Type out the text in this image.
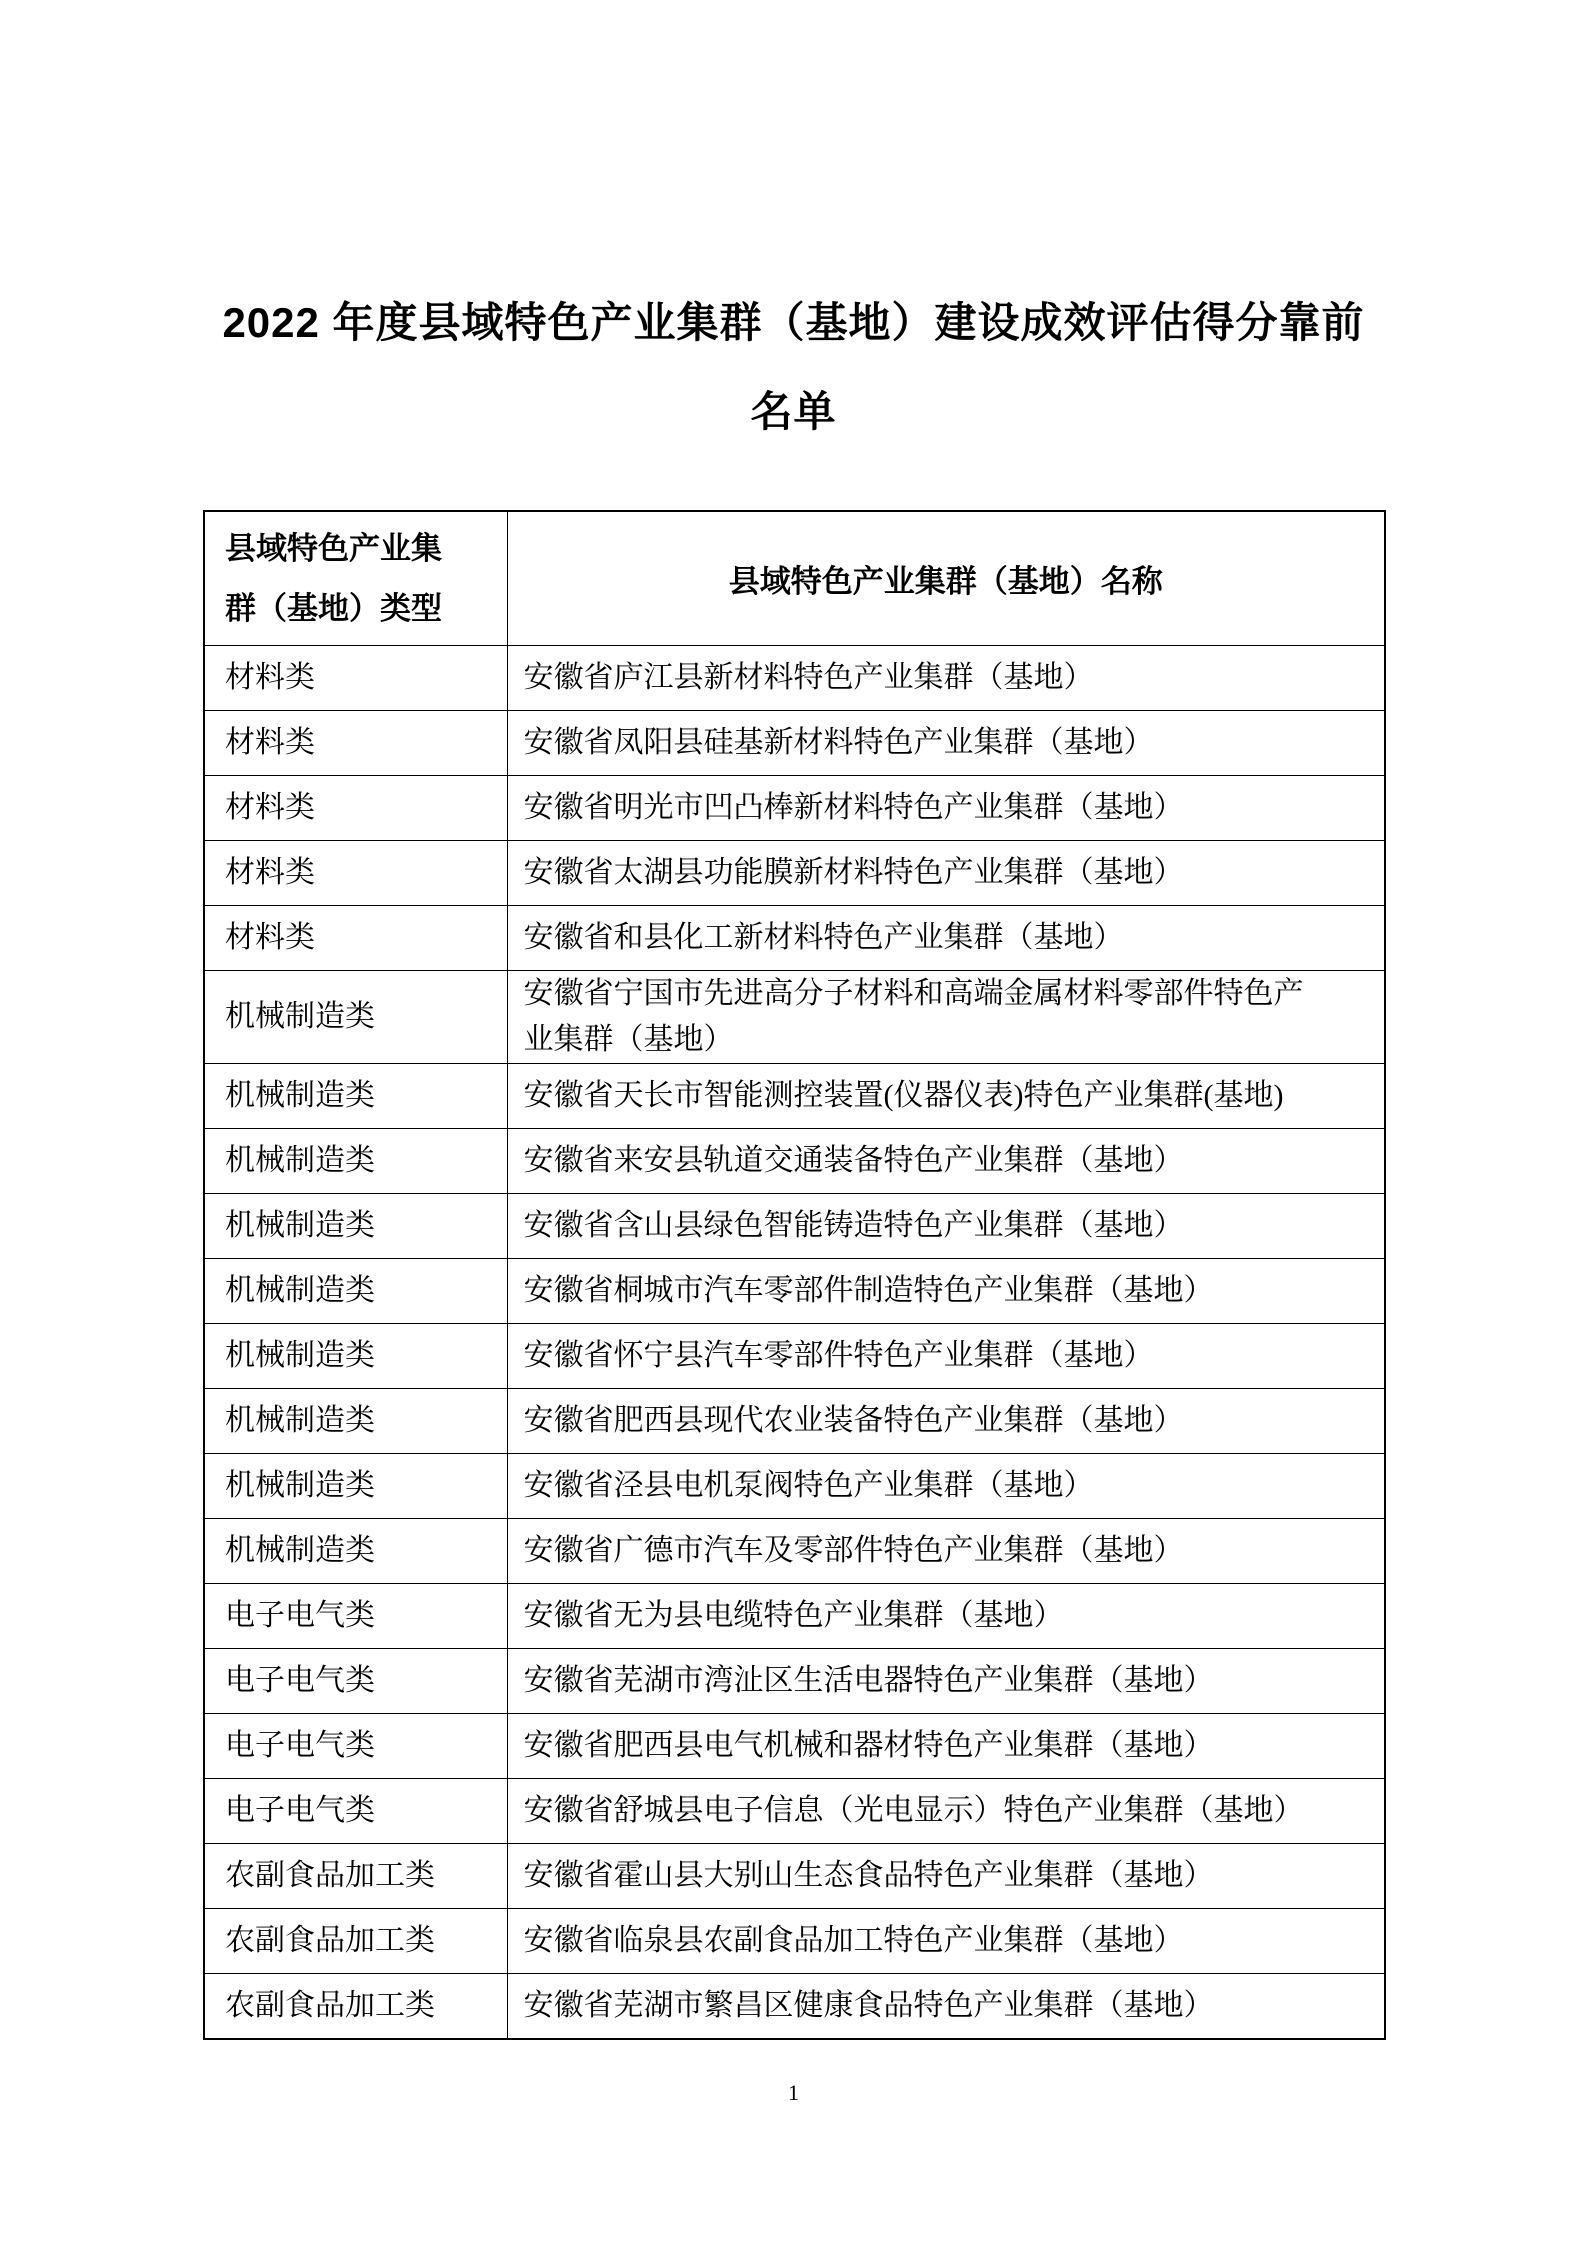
2022 年度县域特色产业集群（基地）建设成效评估得分靠前名单
县域特色产业集群（基地）类型	县域特色产业集群（基地）名称
材料类	安徽省庐江县新材料特色产业集群（基地）
材料类	安徽省凤阳县硅基新材料特色产业集群（基地）
材料类	安徽省明光市凹凸棒新材料特色产业集群（基地）
材料类	安徽省太湖县功能膜新材料特色产业集群（基地）
材料类	安徽省和县化工新材料特色产业集群（基地）
机械制造类	安徽省宁国市先进高分子材料和高端金属材料零部件特色产业集群（基地）
机械制造类	安徽省天长市智能测控装置(仪器仪表)特色产业集群(基地)
机械制造类	安徽省来安县轨道交通装备特色产业集群（基地）
机械制造类	安徽省含山县绿色智能铸造特色产业集群（基地）
机械制造类	安徽省桐城市汽车零部件制造特色产业集群（基地）
机械制造类	安徽省怀宁县汽车零部件特色产业集群（基地）
机械制造类	安徽省肥西县现代农业装备特色产业集群（基地）
机械制造类	安徽省泾县电机泵阀特色产业集群（基地）
机械制造类	安徽省广德市汽车及零部件特色产业集群（基地）
电子电气类	安徽省无为县电缆特色产业集群（基地）
电子电气类	安徽省芜湖市湾沚区生活电器特色产业集群（基地）
电子电气类	安徽省肥西县电气机械和器材特色产业集群（基地）
电子电气类	安徽省舒城县电子信息（光电显示）特色产业集群（基地）
农副食品加工类	安徽省霍山县大别山生态食品特色产业集群（基地）
农副食品加工类	安徽省临泉县农副食品加工特色产业集群（基地）
农副食品加工类	安徽省芜湖市繁昌区健康食品特色产业集群（基地）
1
